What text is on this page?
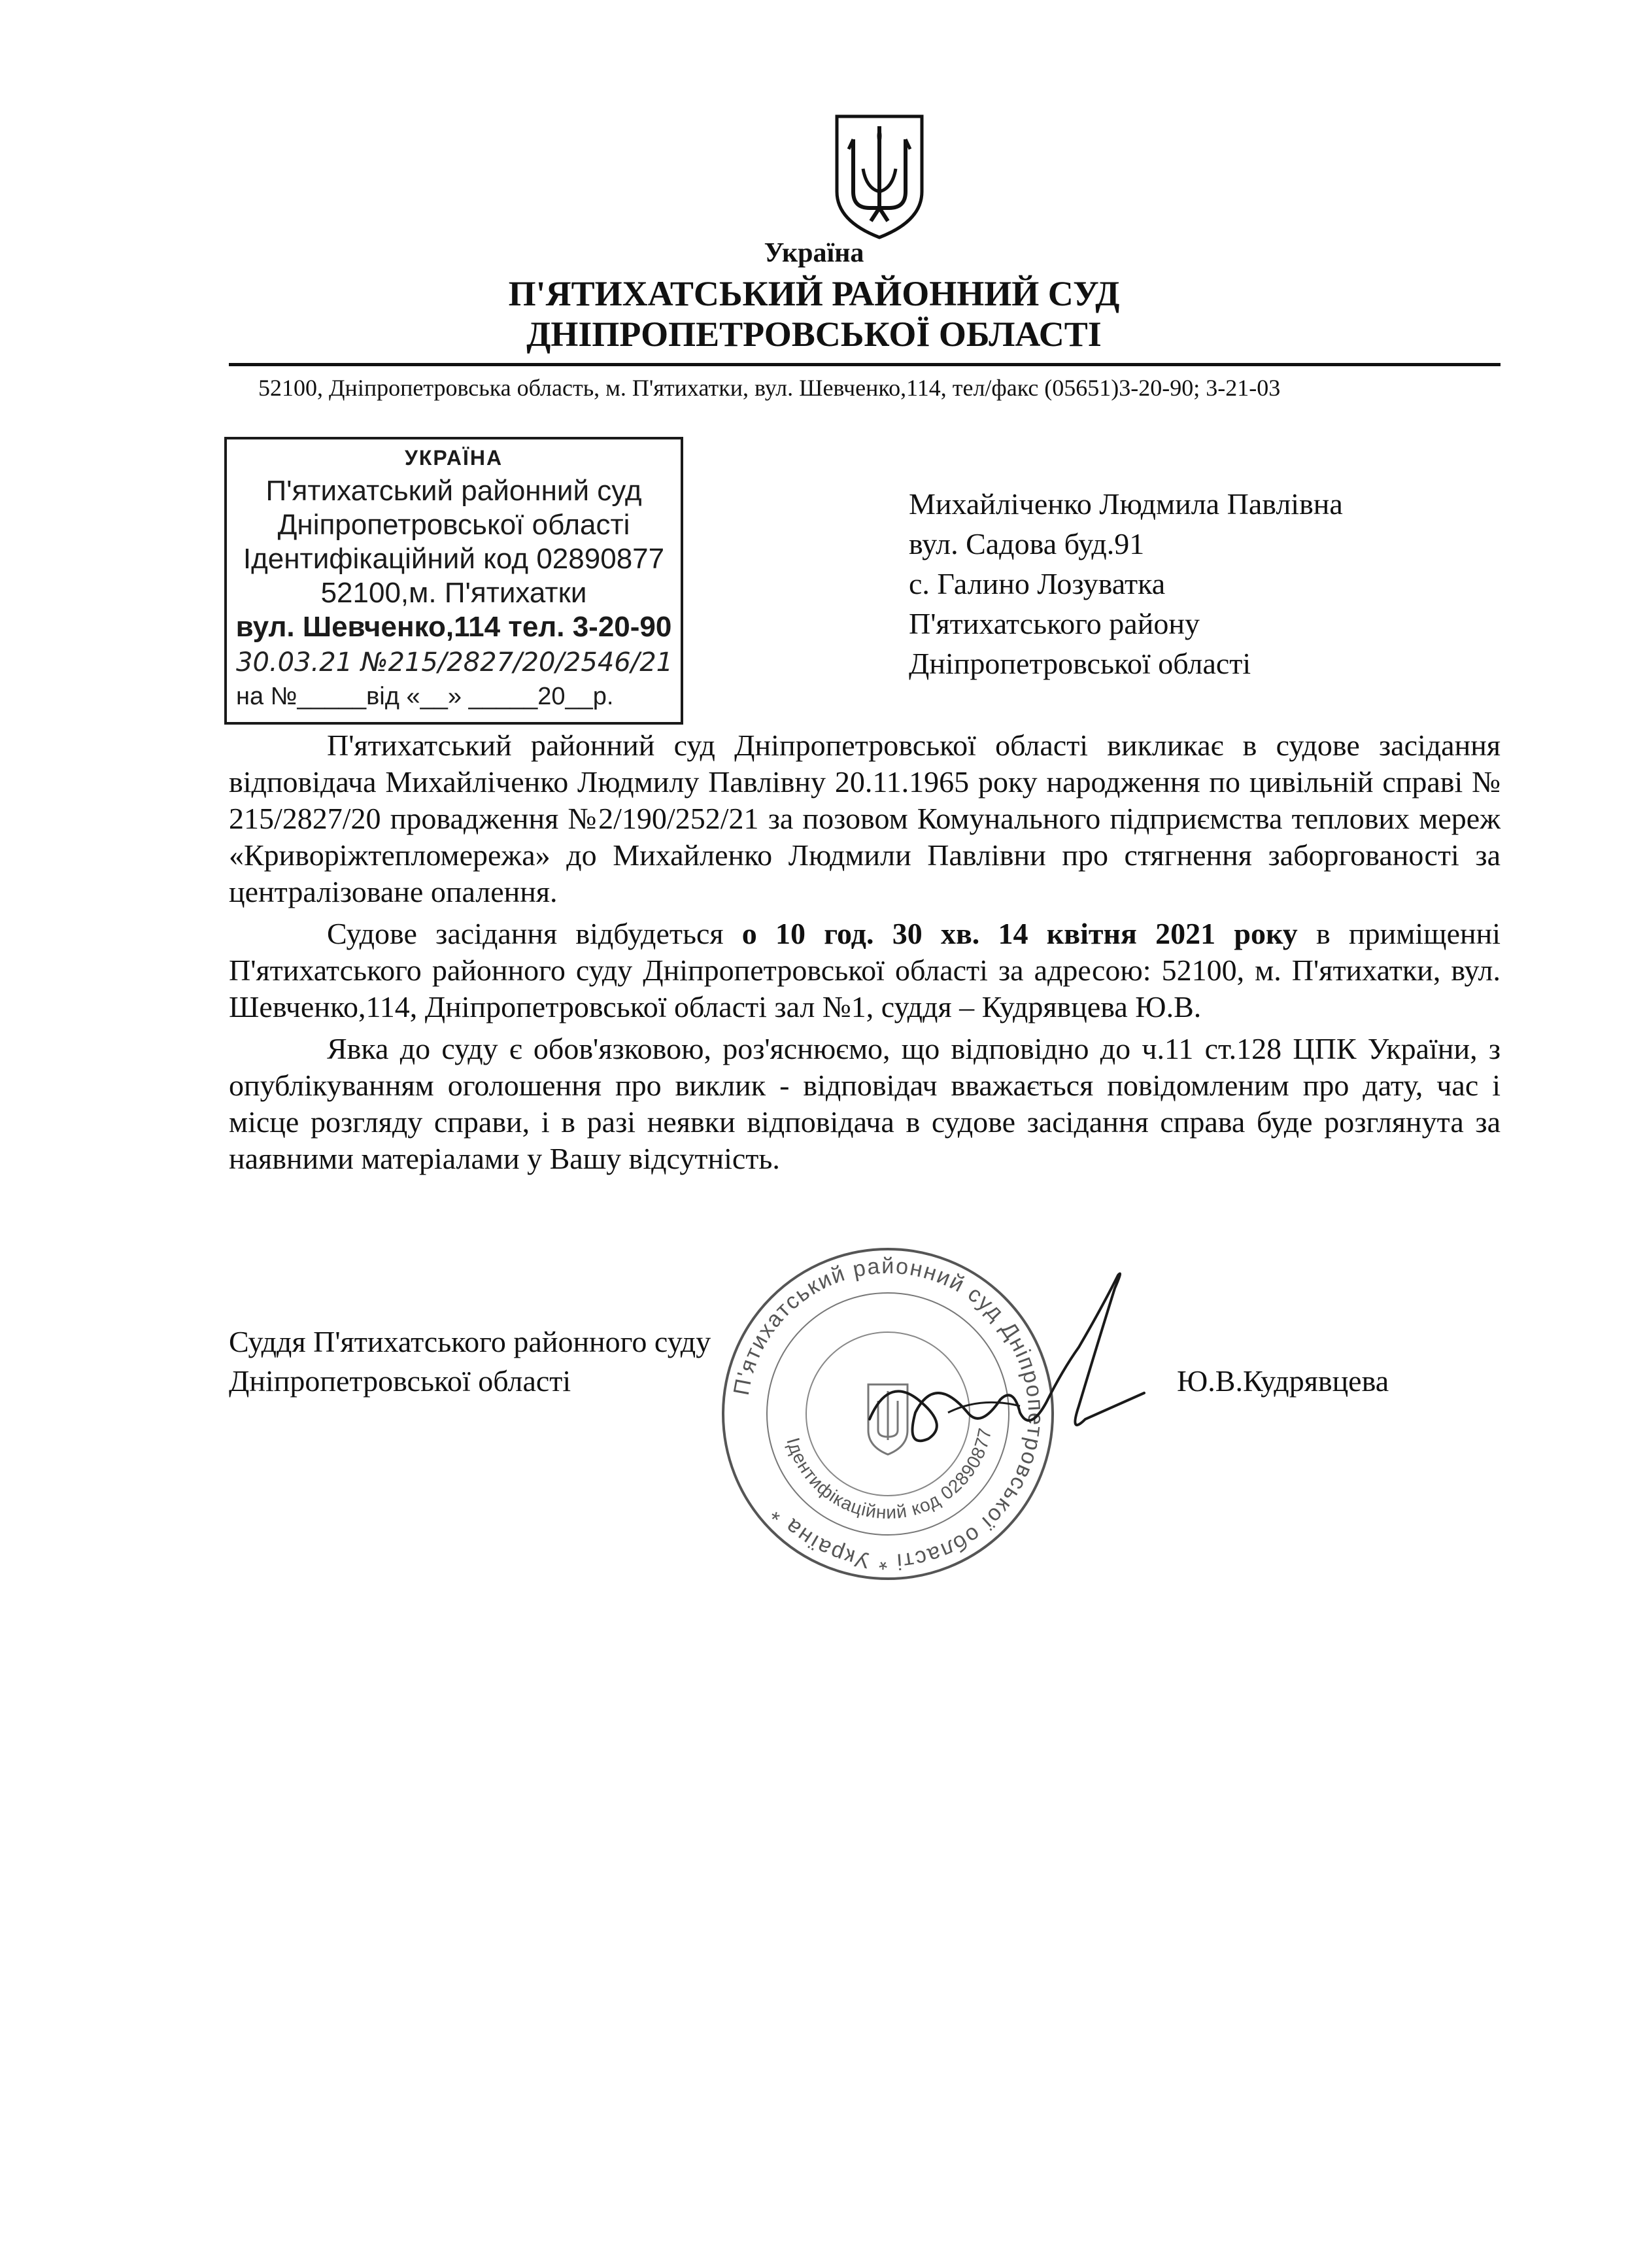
Україна
П'ЯТИХАТСЬКИЙ РАЙОННИЙ СУД
ДНІПРОПЕТРОВСЬКОЇ ОБЛАСТІ
52100, Дніпропетровська область, м. П'ятихатки, вул. Шевченко,114, тел/факс (05651)3-20-90; 3-21-03
УКРАЇНА
П'ятихатський районний суд
Дніпропетровської області
Ідентифікаційний код 02890877
52100,м. П'ятихатки
вул. Шевченко,114 тел. 3-20-90
30.03.21 №215/2827/20/2546/21
на №_____від «__» _____20__р.
Михайліченко Людмила Павлівна
вул. Садова буд.91
с. Галино Лозуватка
П'ятихатського району
Дніпропетровської області

П'ятихатський районний суд Дніпропетровської області викликає в судове засідання відповідача Михайліченко Людмилу Павлівну 20.11.1965 року народження по цивільній справі № 215/2827/20 провадження №2/190/252/21 за позовом Комунального підприємства теплових мереж «Криворіжтепломережа» до Михайленко Людмили Павлівни про стягнення заборгованості за централізоване опалення.

Судове засідання відбудеться о 10 год. 30 хв. 14 квітня 2021 року в приміщенні П'ятихатського районного суду Дніпропетровської області за адресою: 52100, м. П'ятихатки, вул. Шевченко,114, Дніпропетровської області зал №1, суддя – Кудрявцева Ю.В.

Явка до суду є обов'язковою, роз'яснюємо, що відповідно до ч.11 ст.128 ЦПК України, з опублікуванням оголошення про виклик - відповідач вважається повідомленим про дату, час і місце розгляду справи, і в разі неявки відповідача в судове засідання справа буде розглянута за наявними матеріалами у Вашу відсутність.

П'ятихатський районний суд Дніпропетровської області * Україна *
Ідентифікаційний код 02890877
Суддя П'ятихатського районного суду
Дніпропетровської області	Ю.В.Кудрявцева
